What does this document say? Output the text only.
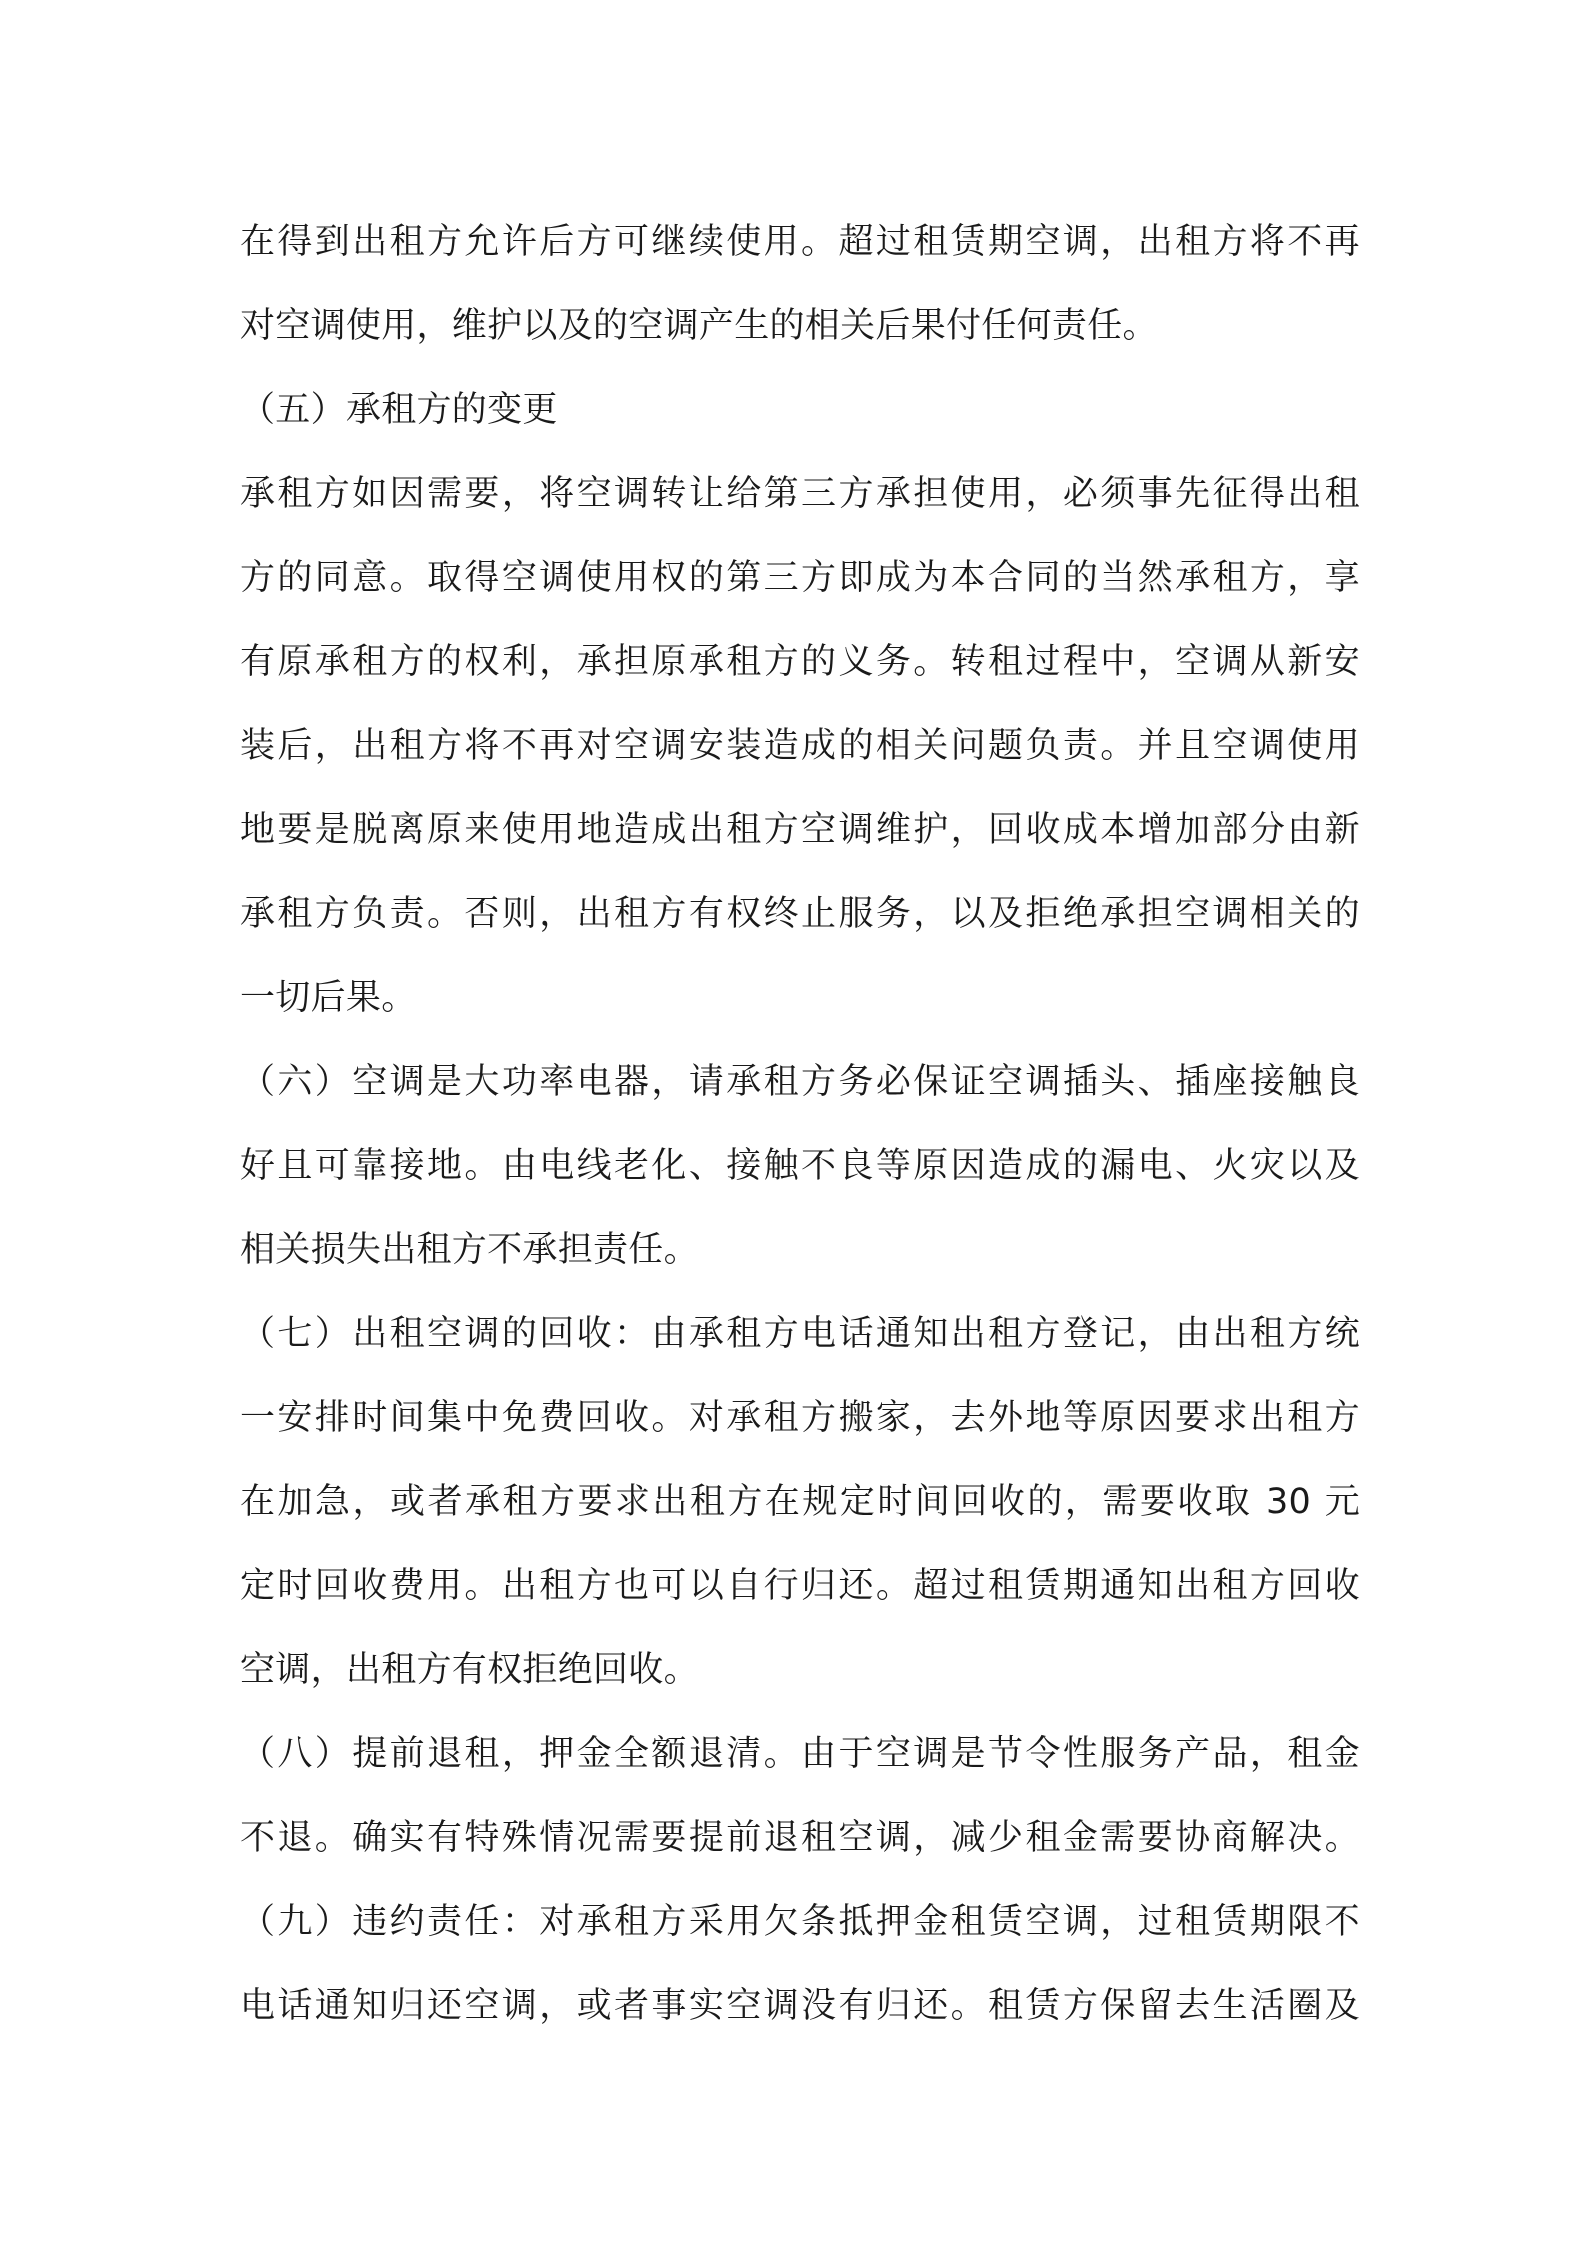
在得到出租方允许后方可继续使用。超过租赁期空调，出租方将不再
对空调使用，维护以及的空调产生的相关后果付任何责任。
（五）承租方的变更
承租方如因需要，将空调转让给第三方承担使用，必须事先征得出租
方的同意。取得空调使用权的第三方即成为本合同的当然承租方，享
有原承租方的权利，承担原承租方的义务。转租过程中，空调从新安
装后，出租方将不再对空调安装造成的相关问题负责。并且空调使用
地要是脱离原来使用地造成出租方空调维护，回收成本增加部分由新
承租方负责。否则，出租方有权终止服务，以及拒绝承担空调相关的
一切后果。
（六）空调是大功率电器，请承租方务必保证空调插头、插座接触良
好且可靠接地。由电线老化、接触不良等原因造成的漏电、火灾以及
相关损失出租方不承担责任。
（七）出租空调的回收：由承租方电话通知出租方登记，由出租方统
一安排时间集中免费回收。对承租方搬家，去外地等原因要求出租方
在加急，或者承租方要求出租方在规定时间回收的，需要收取 30 元
定时回收费用。出租方也可以自行归还。超过租赁期通知出租方回收
空调，出租方有权拒绝回收。
（八）提前退租，押金全额退清。由于空调是节令性服务产品，租金
不退。确实有特殊情况需要提前退租空调，减少租金需要协商解决。
（九）违约责任：对承租方采用欠条抵押金租赁空调，过租赁期限不
电话通知归还空调，或者事实空调没有归还。租赁方保留去生活圈及
